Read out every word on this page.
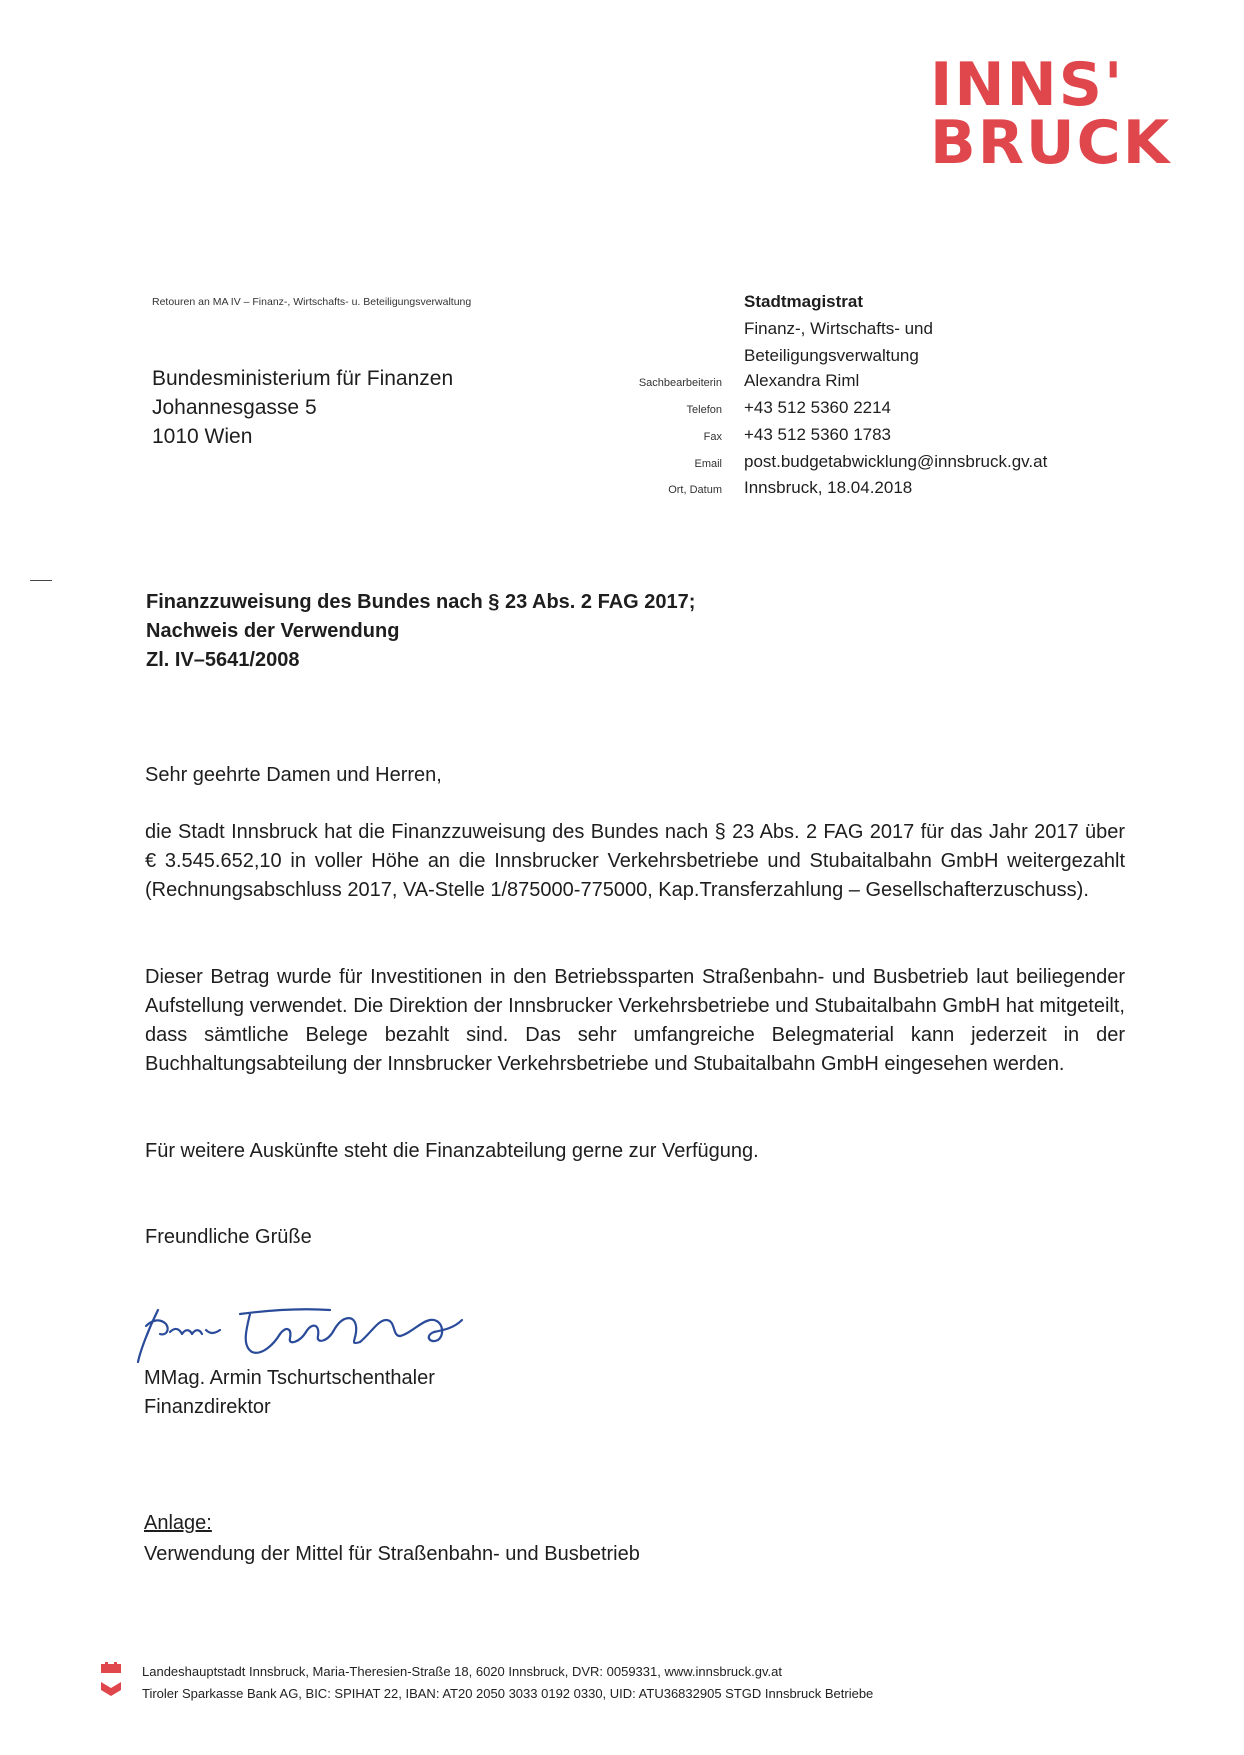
INNS'
BRUCK
Retouren an MA IV – Finanz-, Wirtschafts- u. Beteiligungsverwaltung
Bundesministerium für Finanzen
Johannesgasse 5
1010 Wien
Stadtmagistrat
Finanz-, Wirtschafts- und
Beteiligungsverwaltung
Sachbearbeiterin Alexandra Riml
Telefon +43 512 5360 2214
Fax +43 512 5360 1783
Email post.budgetabwicklung@innsbruck.gv.at
Ort, Datum Innsbruck, 18.04.2018
Finanzzuweisung des Bundes nach § 23 Abs. 2 FAG 2017;
Nachweis der Verwendung
Zl. IV–5641/2008
Sehr geehrte Damen und Herren,
die Stadt Innsbruck hat die Finanzzuweisung des Bundes nach § 23 Abs. 2 FAG 2017 für das Jahr 2017 über € 3.545.652,10 in voller Höhe an die Innsbrucker Verkehrsbetriebe und Stubaitalbahn GmbH weitergezahlt (Rechnungsabschluss 2017, VA-Stelle 1/875000-775000, Kap.Transferzahlung – Gesellschafterzuschuss).
Dieser Betrag wurde für Investitionen in den Betriebssparten Straßenbahn- und Busbetrieb laut beiliegender Aufstellung verwendet. Die Direktion der Innsbrucker Verkehrsbetriebe und Stubaitalbahn GmbH hat mitgeteilt, dass sämtliche Belege bezahlt sind. Das sehr umfangreiche Belegmaterial kann jederzeit in der Buchhaltungsabteilung der Innsbrucker Verkehrsbetriebe und Stubaitalbahn GmbH eingesehen werden.
Für weitere Auskünfte steht die Finanzabteilung gerne zur Verfügung.
Freundliche Grüße
MMag. Armin Tschurtschenthaler
Finanzdirektor
Anlage:
Verwendung der Mittel für Straßenbahn- und Busbetrieb
Landeshauptstadt Innsbruck, Maria-Theresien-Straße 18, 6020 Innsbruck, DVR: 0059331, www.innsbruck.gv.at
Tiroler Sparkasse Bank AG, BIC: SPIHAT 22, IBAN: AT20 2050 3033 0192 0330, UID: ATU36832905 STGD Innsbruck Betriebe
